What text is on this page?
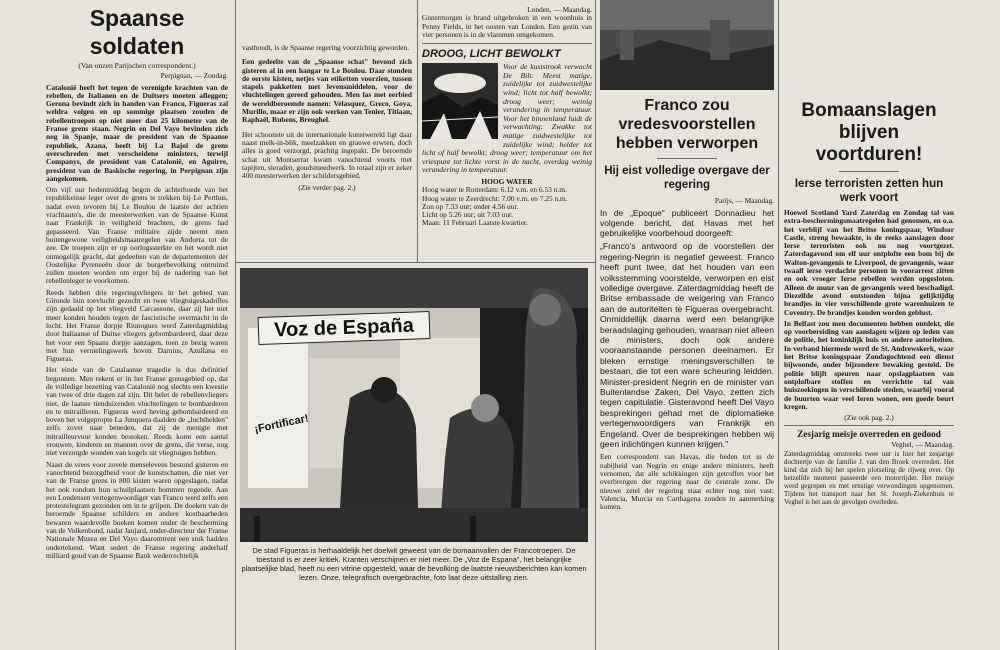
Spaanse soldaten
(Van onzen Parijschen correspondent.)
Perpignan, — Zondag.

Catalonië heeft het tegen de verenigde krachten van de rebellen, de Italianen en de Duitsers moeten afleggen; Gerona bevindt zich in handen van Franco, Figueras zal weldra volgen en op sommige plaatsen zouden de rebellentroepen op niet meer dan 25 kilometer van de Franse grens staan. Negrin en Del Vayo bevinden zich nog in Spanje, maar de president van de Spaanse republiek, Azana, heeft bij La Bajol de grens overschreden met verscheidene ministers, terwijl Companys, de president van Catalonië, en Aguirre, president van de Baskische regering, in Perpignan zijn aangekomen.

Om vijf uur hedenmiddag begon de achterhoede van het republikeinse leger over de grens te trekken bij Le Perthus, nadat even tevoren bij Le Boulou de laatste der achtien vrachtauto's, die de meesterwerken van de Spaanse Kunst naar Frankrijk in veiligheid brachten, de grens had gepasseerd. Van Franse militaire zijde neemt men buitengewone veiligheidsmaatregelen van Andorra tot de zee. De troepen zijn er op oorlogssterkte en het wordt niet onmogelijk geacht, dat gedeelten van de departementen der Oostelijke Pyreneeën door de burgerbevolking ontruimd zullen moeten worden om erger bij de nadering van het rebellenleger te voorkomen.

Reeds hebben drie regeringsvliegers in het gebied van Gironde hun toevlucht gezocht en twee vliegtuigeskadrilles zijn gedaald op het vliegveld Carcassone, daar zij het niet meer konden houden tegen de fascistische overmacht in de lucht. Het Franse dorpje Riunogues werd Zaterdagmiddag door Italiaanse of Duitse vliegers gebombardeerd, daar deze het voor een Spaans dorpje aanzagen, toen ze bezig waren met hun vernielingswerk boven Darnius, Azullana en Figueras.

Het einde van de Catalaanse tragedie is dus definitief begonnen. Men rekent er in het Franse grensgebied op, dat de volledige bezetting van Catalonië nog slechts een kwestie van twee of drie dagen zal zijn. Dit belet de rebellenvliegers niet, de laatste tienduizenden vluchtelingen te bombarderen en te mitrailleren. Figueras werd heving gebombardeerd en boven het volgepropte La Junquera daalden de „luchthelden" zelfs zover naar beneden, dat zij de menigte met mitrailleurvuur konden bestoken. Reeds komt een aantal vrouwen, kinderen en mannen over de grens, die verse, nog niet verzorgde wonden van kogels uit vliegtuigen hebben.

Naast de vrees voor zovele menselevens bestond gisteren en vanochtend bezorgdheid voor de kunstschatten, die niet ver van de Franse grens in 800 kisten waren opgeslagen, nadat het ook rondom hun schuilplaatsen bommen regende. Aan een Londensen vertegenwoordiger van Franco werd zelfs een protestelegram gezonden om in te grijpen. De doeken van de beroemde Spaanse schilders en andere kostbaarheden bewaren waardevolle boeken komen onder de bescherming van de Volkenbond, nadat Jaujard, onder-directeur der Franse Nationale Musea en Del Vayo daaromtrent een stuk hadden ondertekend. Want sedert de Franse regering anderhalf milliard goud van de Spaanse Bank wederrechtelijk

vasthoudt, is de Spaanse regering voorzichtig geworden.

Een gedeelte van de „Spaanse schat" bevond zich gisteren al in een hangar te Le Boulou. Daar stonden de eerste kisten, netjes van etiketten voorzien, tussen stapels pakketten met levensmiddelen, voor de vluchtelingen gereed gehouden. Men las met eerbied de wereldberoemde namen: Velasquez, Greco, Goya, Murillo, maar er zijn ook werken van Tenier, Titiaan, Raphaël, Rubens, Breughel.

Het schoonste uit de internationale kunstwereld ligt daar naast melk-in-blik, meelzakken en grauwe erwten, doch alles is goed verzorgd, prachtig ingepakt. De beroemde schat uit Montserrat kwam vanochtend voorts met tapijten, sieraden, goudsmeedwerk. In totaal zijn er zeker 400 meesterwerken der schildersgebied.

(Zie verder pag. 2.)
Londen, — Maandag.

Gistermorgen is brand uitgebroken in een woonhuis in Penny Fields, in het oosten van Londen. Een gezin van vier personen is in de vlammen omgekomen.

DROOG, LICHT BEWOLKT

Voor de kuststrook verwacht De Bilt: Meest matige, zuidelijke tot zuidwestelijke wind; licht tot half bewolkt; droog weer; weinig verandering in temperatuur. Voor het binnenland luidt de verwachting: Zwakke tot matige zuidwestelijke tot zuidelijke wind; helder tot licht of half bewolkt; droog weer; temperatuur om het vriespunt tot lichte vorst in de nacht, overdag weinig verandering in temperatuur.

HOOG WATER
Hoog water te Rotterdam: 6.12 v.m. en 6.53 n.m.
Hoog water te Zeerdrecht: 7.00 v.m. en 7.25 n.m.
Zon op 7.33 uur; onder 4.56 uur.
Licht op 5.26 uur; uit 7.03 uur.
Maan: 11 Februari Laatste kwartier.
Voz de España
¡Fortificar!

De stad Figueras is herhaaldelijk het doelwit geweest van de bomaanvallen der Francotroepen. De toestand is er zeer kritiek. Kranten verschijnen er niet meer. De „Voz de Espana", het belangrijke plaatselijke blad, heeft nu een vitrine opgesteld, waar de bevolking de laatste nieuwsberichten kan komen lezen. Onze, telegrafisch overgebrachte, foto laat deze uitstalling zien.

Franco zou vredesvoorstellen hebben verworpen
Hij eist volledige overgave der regering
Parijs, — Maandag.

In de „Epoque" publiceert Donnadieu het volgende bericht, dat Havas met het gebruikelijke voorbehoud doorgeeft:

„Franco's antwoord op de voorstellen der regering-Negrin is negatief geweest. Franco heeft punt twee, dat het houden van een volksstemming voorstelde, verworpen en eist volledige overgave. Zaterdagmiddag heeft de Britse embassade de weigering van Franco aan de autoriteiten te Figueras overgebracht. Onmiddellijk daarna werd een belangrijke beraadslaging gehouden, waaraan niet alleen de ministers, doch ook andere vooraanstaande personen deelnamen. Er bleken ernstige meningsverschillen te bestaan, die tot een ware scheuring leidden. Minister-president Negrin en de minister van Buitenlandse Zaken, Del Vayo, zetten zich tegen capitulatie. Gisteravond heeft Del Vayo besprekingen gehad met de diplomatieke vertegenwoordigers van Frankrijk en Engeland. Over de besprekingen hebben wij geen inlichtingen kunnen krijgen."

Een correspondent van Havas, die heden tot in de nabijheid van Negrin en enige andere ministers, heeft vernomen, dat alle schikkingen zijn getroffen voor het overbrengen der regering naar de centrale zone. De nieuwe zetel der regering staat echter nog niet vast: Valencia, Murcia en Carthagena zouden in aanmerking komen.

Bomaanslagen blijven voortduren!
Ierse terroristen zetten hun werk voort

Hoewel Scotland Yard Zaterdag en Zondag tal van extra-beschermingsmaatregelen had genomen, en o.a. het verblijf van het Britse koningspaar, Windsor Castle, streng bewaakte, is de reeks aanslagen door Ierse terroristen ook nu nog voortgezet. Zaterdagavond om elf uur ontplofte een bom bij de Walton-gevangenis te Liverpool, de gevangenis, waar twaalf ierse verdachte personen in voorarrest zitten en ook vroeger Ierse rebellen werden opgesloten. Alleen de muur van de gevangenis werd beschadigd. Diezelfde avond ontstonden bijna gelijktijdig brandjes in vier verschillende grote warenhuizen te Coventry. De brandjes konden worden geblust.

In Belfast zou men documenten hebben ontdekt, die op voorbereiding van aanslagen wijzen op leden van de politie, het koninklijk huis en andere autoriteiten. In verband hiermede werd de St. Andrewskerk, waar het Britse koningspaar Zondagochtend een dienst bijwoonde, onder bijzondere bewaking gesteld. De politie blijft speuren naar opslagplaatsen van ontplofbare stoffen en verrichtte tal van huiszoekingen in verschillende steden, waarbij vooral de buurten waar veel Ieren wonen, een goede beurt kregen.

(Zie ook pag. 2.)
Zesjarig meisje overreden en gedood
Veghel, — Maandag.

Zaterdagmiddag omstreeks twee uur is hier het zesjarige dochtertje van de familie J. van den Broek overreden. Het kind dat zich bij het spelen plotseling de rijweg over. Op hetzelfde moment passeerde een motorrijder. Het meisje werd gegrepen en met ernstige verwondingen opgenomen. Tijdens het transport naar het St. Joseph-Ziekenhuis te Veghel is het aan de gevolgen overleden.
